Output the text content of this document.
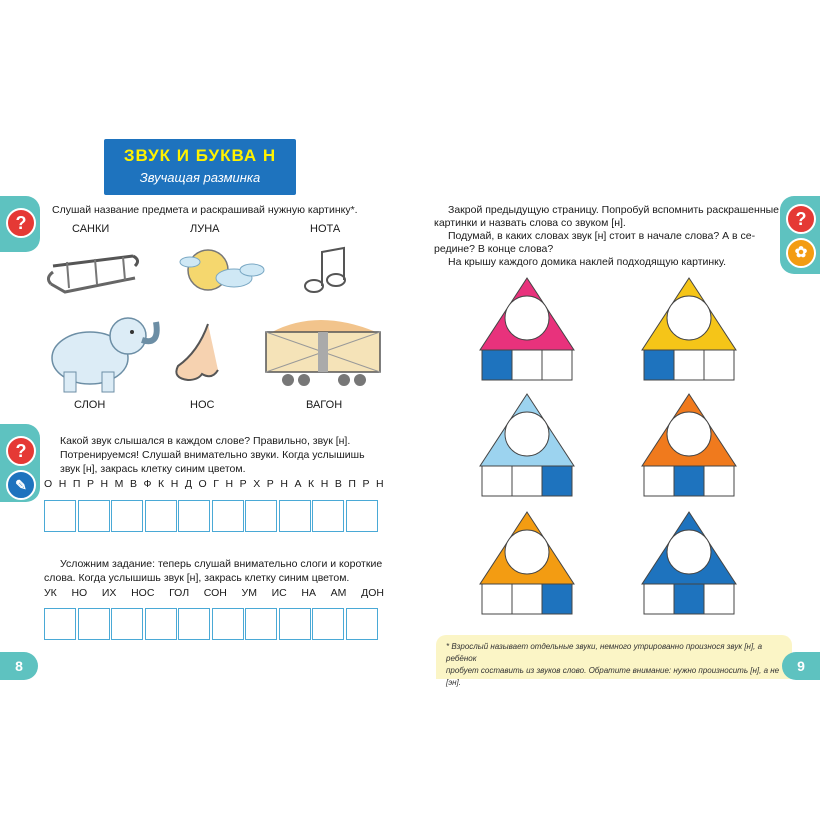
ЗВУК И БУКВА Н
Звучащая разминка
?
Слушай название предмета и раскрашивай нужную картинку*.
САНКИ	ЛУНА	НОТА
СЛОН	НОС	ВАГОН
?
✎
Какой звук слышался в каждом слове? Правильно, звук [н].
Потренируемся! Слушай внимательно звуки. Когда услышишь
звук [н], закрась клетку синим цветом.
О Н П Р Н М В Ф К Н Д О Г Н Р Х Р Н А К Н В П Р Н
Усложним задание: теперь слушай внимательно слоги и короткие
слова. Когда услышишь звук [н], закрась клетку синим цветом.
УК НО ИХ НОС ГОЛ СОН УМ ИС НА АМ ДОН
8
?
✿
Закрой предыдущую страницу. Попробуй вспомнить раскрашенные
картинки и назвать слова со звуком [н].
Подумай, в каких словах звук [н] стоит в начале слова? А в се-
редине? В конце слова?
На крышу каждого домика наклей подходящую картинку.
* Взрослый называет отдельные звуки, немного утрированно произнося звук [н], а ребёнок
пробует составить из звуков слово. Обратите внимание: нужно произносить [н], а не [эн].
9
